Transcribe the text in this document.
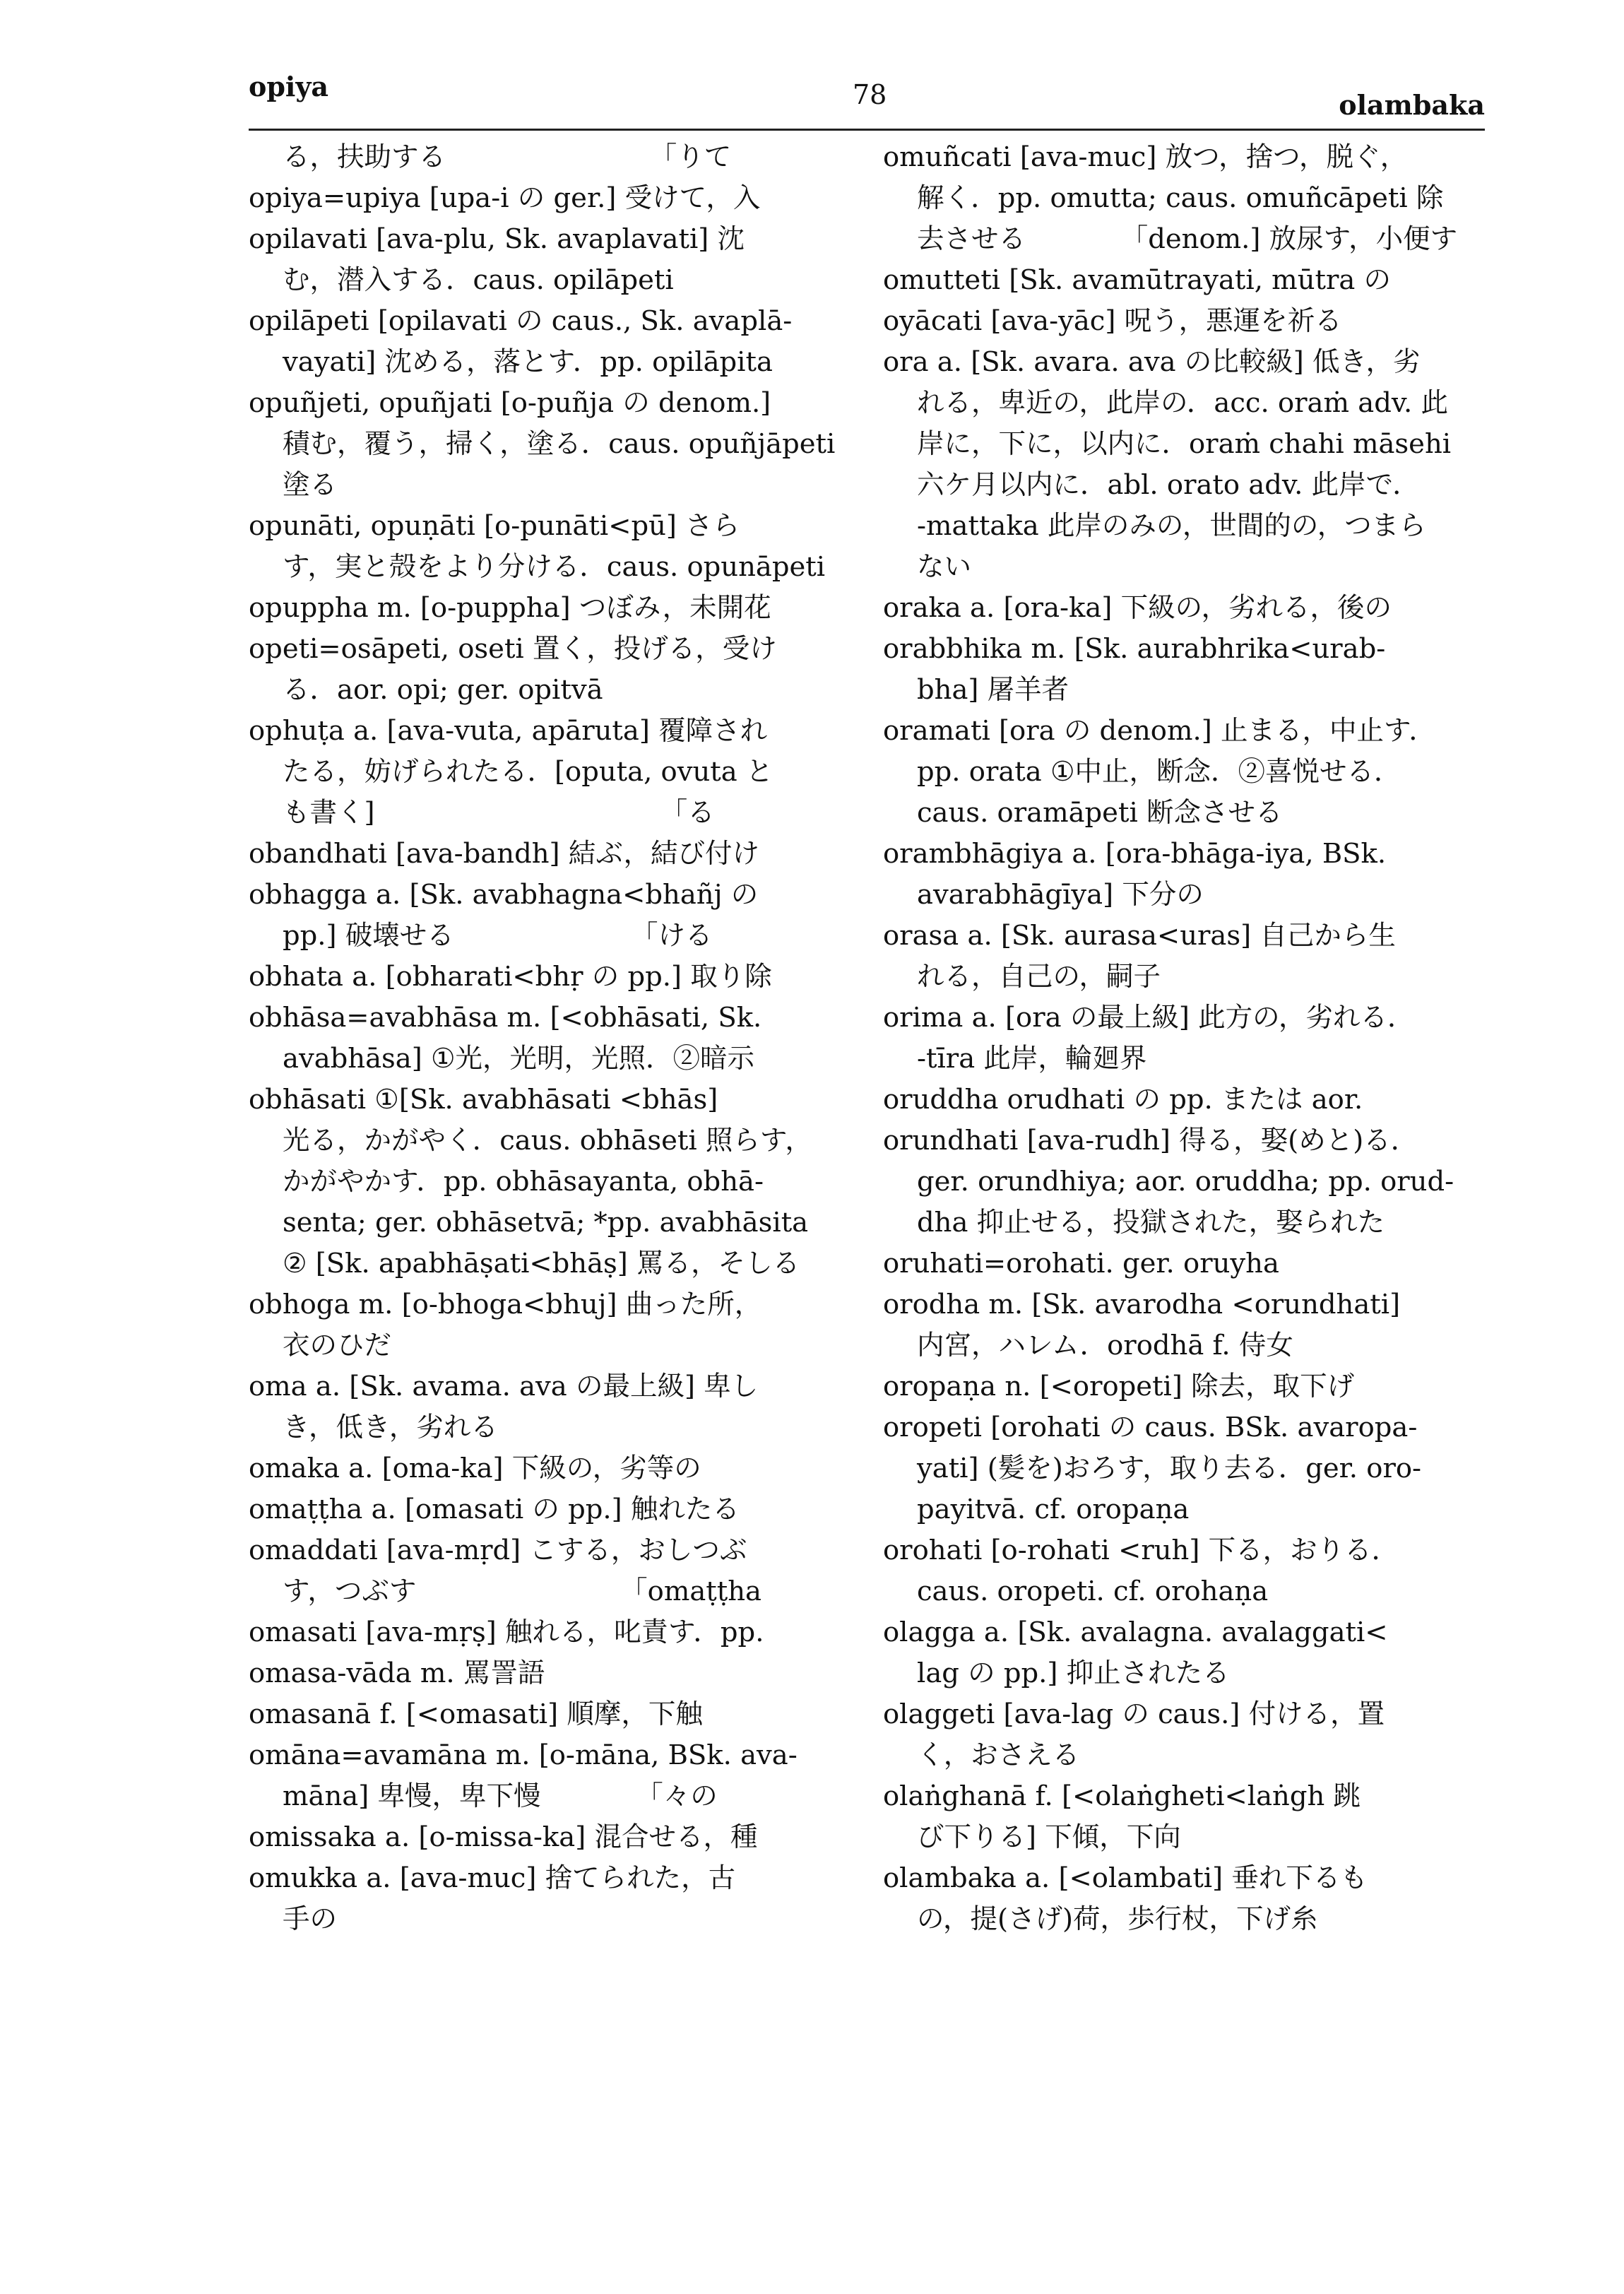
opiya	78	olambaka
る，扶助する　　　　　　　　「りて
opiya=upiya [upa-i の ger.] 受けて，入
opilavati [ava-plu, Sk. avaplavati] 沈
む，潜入する．caus. opilāpeti
opilāpeti [opilavati の caus., Sk. avaplā-
vayati] 沈める，落とす．pp. opilāpita
opuñjeti, opuñjati [o-puñja の denom.]
積む，覆う，掃く，塗る．caus. opuñjāpeti
塗る
opunāti, opuṇāti [o-punāti<pū] さら
す，実と殻をより分ける．caus. opunāpeti
opuppha m. [o-puppha] つぼみ，未開花
opeti=osāpeti, oseti 置く，投げる，受け
る．aor. opi; ger. opitvā
ophuṭa a. [ava-vuta, apāruta] 覆障され
たる，妨げられたる．[oputa, ovuta と
も書く]　　　　　　　　　　　「る
obandhati [ava-bandh] 結ぶ，結び付け
obhagga a. [Sk. avabhagna<bhañj の
pp.] 破壊せる　　　　　　　「ける
obhata a. [obharati<bhṛ の pp.] 取り除
obhāsa=avabhāsa m. [<obhāsati, Sk.
avabhāsa] ①光，光明，光照．②暗示
obhāsati ①[Sk. avabhāsati <bhās]
光る，かがやく．caus. obhāseti 照らす，
かがやかす．pp. obhāsayanta, obhā-
senta; ger. obhāsetvā; *pp. avabhāsita
② [Sk. apabhāṣati<bhāṣ] 罵る，そしる
obhoga m. [o-bhoga<bhuj] 曲った所，
衣のひだ
oma a. [Sk. avama. ava の最上級] 卑し
き，低き，劣れる
omaka a. [oma-ka] 下級の，劣等の
omaṭṭha a. [omasati の pp.] 触れたる
omaddati [ava-mṛd] こする，おしつぶ
す，つぶす　　　　　　　　「omaṭṭha
omasati [ava-mṛṣ] 触れる，叱責す．pp.
omasa-vāda m. 罵詈語
omasanā f. [<omasati] 順摩，下触
omāna=avamāna m. [o-māna, BSk. ava-
māna] 卑慢，卑下慢　　　　「々の
omissaka a. [o-missa-ka] 混合せる，種
omukka a. [ava-muc] 捨てられた，古
手の
omuñcati [ava-muc] 放つ，捨つ，脱ぐ，
解く．pp. omutta; caus. omuñcāpeti 除
去させる　　　　「denom.] 放尿す，小便す
omutteti [Sk. avamūtrayati, mūtra の
oyācati [ava-yāc] 呪う，悪運を祈る
ora a. [Sk. avara. ava の比較級] 低き，劣
れる，卑近の，此岸の．acc. oraṁ adv. 此
岸に，下に，以内に．oraṁ chahi māsehi
六ケ月以内に．abl. orato adv. 此岸で．
-mattaka 此岸のみの，世間的の，つまら
ない
oraka a. [ora-ka] 下級の，劣れる，後の
orabbhika m. [Sk. aurabhrika<urab-
bha] 屠羊者
oramati [ora の denom.] 止まる，中止す．
pp. orata ①中止，断念．②喜悦せる．
caus. oramāpeti 断念させる
orambhāgiya a. [ora-bhāga-iya, BSk.
avarabhāgīya] 下分の
orasa a. [Sk. aurasa<uras] 自己から生
れる，自己の，嗣子
orima a. [ora の最上級] 此方の，劣れる．
-tīra 此岸，輪廻界
oruddha orudhati の pp. または aor.
orundhati [ava-rudh] 得る，娶(めと)る．
ger. orundhiya; aor. oruddha; pp. orud-
dha 抑止せる，投獄された，娶られた
oruhati=orohati. ger. oruyha
orodha m. [Sk. avarodha <orundhati]
内宮，ハレム．orodhā f. 侍女
oropaṇa n. [<oropeti] 除去，取下げ
oropeti [orohati の caus. BSk. avaropa-
yati] (髪を)おろす，取り去る．ger. oro-
payitvā. cf. oropaṇa
orohati [o-rohati <ruh] 下る，おりる．
caus. oropeti. cf. orohaṇa
olagga a. [Sk. avalagna. avalaggati<
lag の pp.] 抑止されたる
olaggeti [ava-lag の caus.] 付ける，置
く，おさえる
olaṅghanā f. [<olaṅgheti<laṅgh 跳
び下りる] 下傾，下向
olambaka a. [<olambati] 垂れ下るも
の，提(さげ)荷，歩行杖，下げ糸
